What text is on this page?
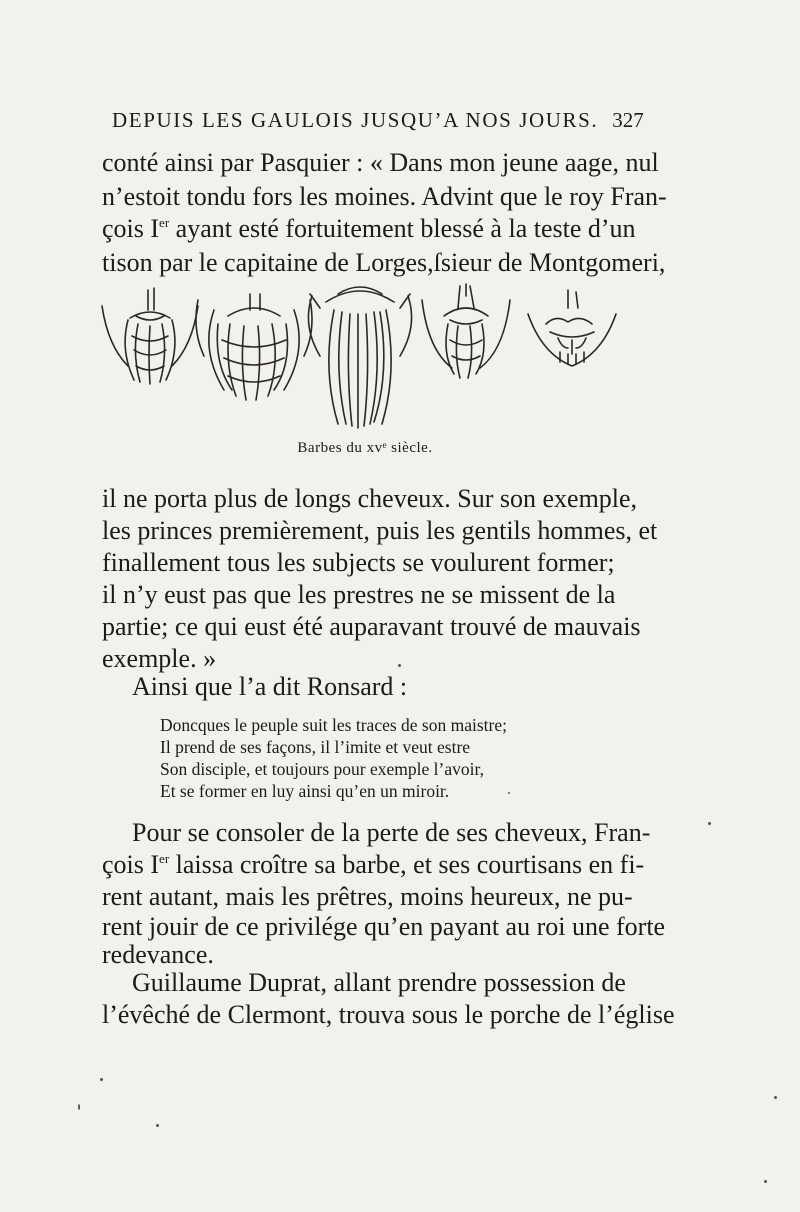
DEPUIS LES GAULOIS JUSQU’A NOS JOURS. 327
conté ainsi par Pasquier : « Dans mon jeune aage, nul
n’estoit tondu fors les moines. Advint que le roy Fran-
çois Ier ayant esté fortuitement blessé à la teste d’un
tison par le capitaine de Lorges,ſsieur de Montgomeri,
Barbes du xvᵉ siècle.
il ne porta plus de longs cheveux. Sur son exemple,
les princes premièrement, puis les gentils hommes, et
finallement tous les subjects se voulurent former;
il n’y eust pas que les prestres ne se missent de la
partie; ce qui eust été auparavant trouvé de mauvais
exemple. »
Ainsi que l’a dit Ronsard :
Doncques le peuple suit les traces de son maistre;
Il prend de ses façons, il l’imite et veut estre
Son disciple, et toujours pour exemple l’avoir,
Et se former en luy ainsi qu’en un miroir.
Pour se consoler de la perte de ses cheveux, Fran-
çois Ier laissa croître sa barbe, et ses courtisans en fi-
rent autant, mais les prêtres, moins heureux, ne pu-
rent jouir de ce privilége qu’en payant au roi une forte
redevance.
Guillaume Duprat, allant prendre possession de
l’évêché de Clermont, trouva sous le porche de l’église
